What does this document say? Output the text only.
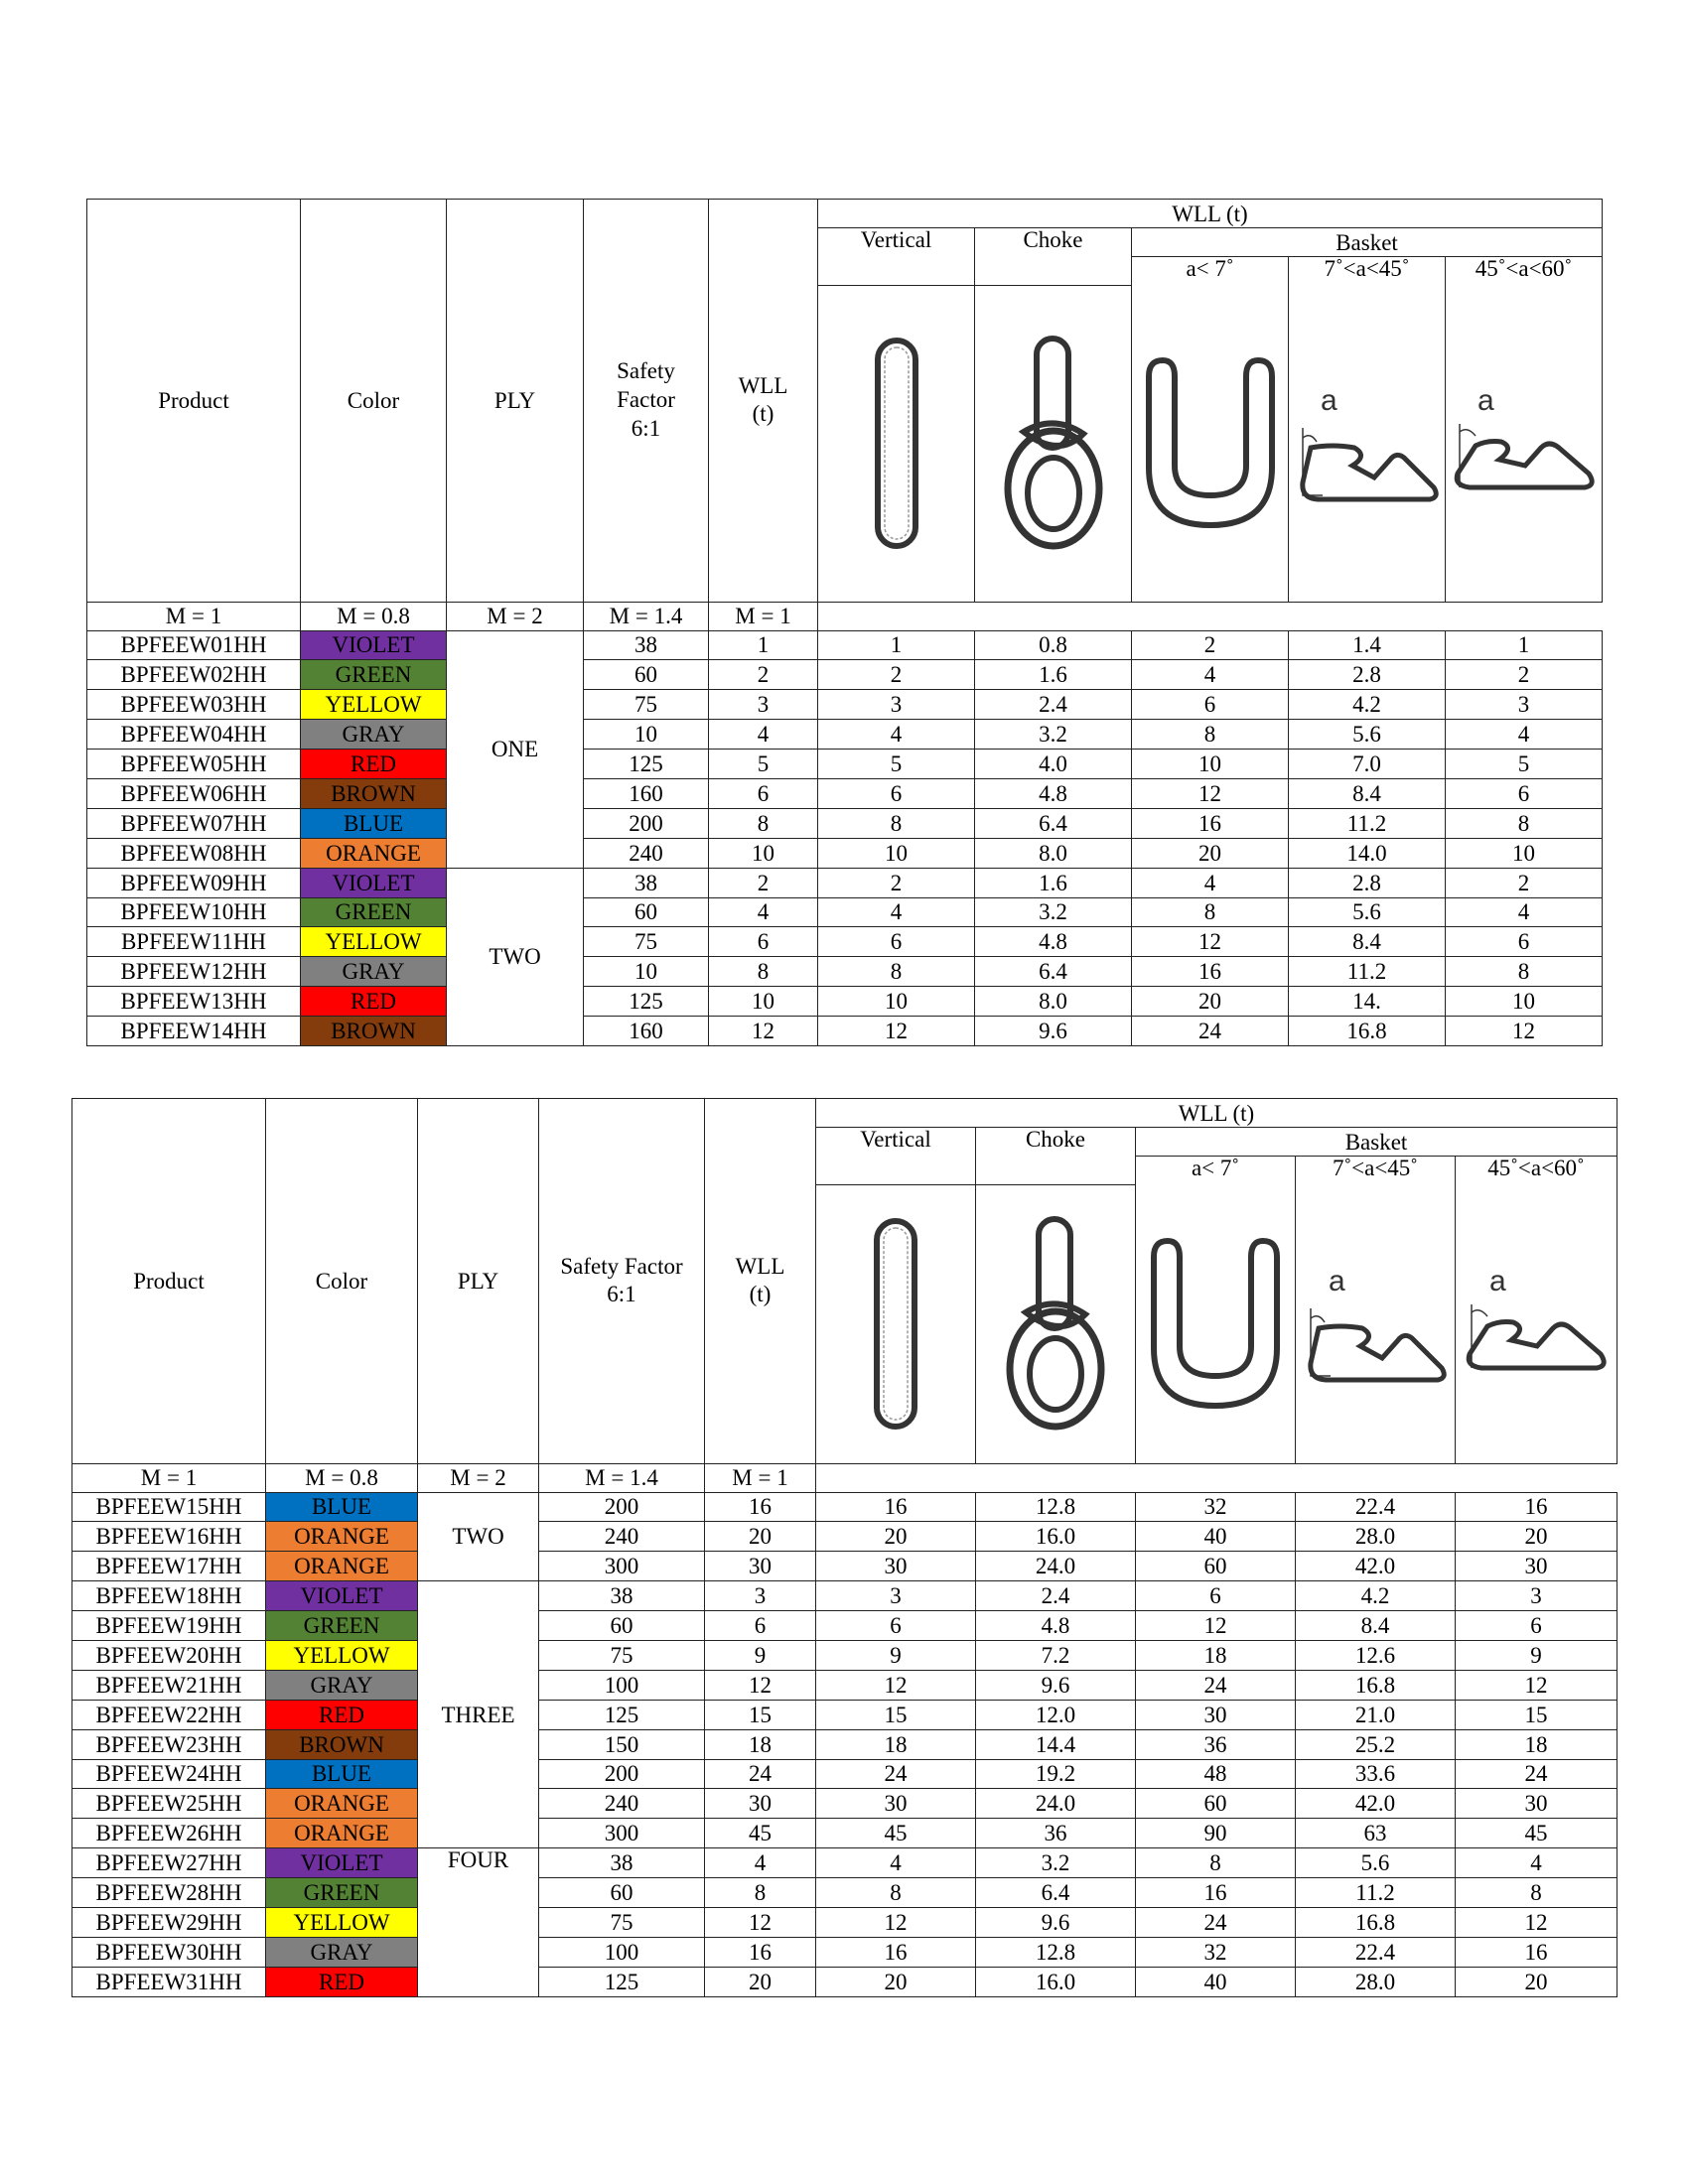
Product	Color	PLY	Safety Factor 6:1	WLL (t)	WLL (t)				
					Vertical	Choke	Basket		
							a< 7˚	7˚<a<45˚	45˚<a<60˚

a	a

M = 1	M = 0.8	M = 2	M = 1.4	M = 1					
BPFEEW01HH	VIOLET	ONE	38	1	1	0.8	2	1.4	1
BPFEEW02HH	GREEN		60	2	2	1.6	4	2.8	2
BPFEEW03HH	YELLOW		75	3	3	2.4	6	4.2	3
BPFEEW04HH	GRAY		10	4	4	3.2	8	5.6	4
BPFEEW05HH	RED		125	5	5	4.0	10	7.0	5
BPFEEW06HH	BROWN		160	6	6	4.8	12	8.4	6
BPFEEW07HH	BLUE		200	8	8	6.4	16	11.2	8
BPFEEW08HH	ORANGE		240	10	10	8.0	20	14.0	10
BPFEEW09HH	VIOLET	TWO	38	2	2	1.6	4	2.8	2
BPFEEW10HH	GREEN		60	4	4	3.2	8	5.6	4
BPFEEW11HH	YELLOW		75	6	6	4.8	12	8.4	6
BPFEEW12HH	GRAY		10	8	8	6.4	16	11.2	8
BPFEEW13HH	RED		125	10	10	8.0	20	14.	10
BPFEEW14HH	BROWN		160	12	12	9.6	24	16.8	12
Product	Color	PLY	Safety Factor 6:1	WLL (t)	WLL (t)				
					Vertical	Choke	Basket		
							a< 7˚	7˚<a<45˚	45˚<a<60˚

a	a

M = 1	M = 0.8	M = 2	M = 1.4	M = 1					
BPFEEW15HH	BLUE	TWO	200	16	16	12.8	32	22.4	16
BPFEEW16HH	ORANGE		240	20	20	16.0	40	28.0	20
BPFEEW17HH	ORANGE		300	30	30	24.0	60	42.0	30
BPFEEW18HH	VIOLET	THREE	38	3	3	2.4	6	4.2	3
BPFEEW19HH	GREEN		60	6	6	4.8	12	8.4	6
BPFEEW20HH	YELLOW		75	9	9	7.2	18	12.6	9
BPFEEW21HH	GRAY		100	12	12	9.6	24	16.8	12
BPFEEW22HH	RED		125	15	15	12.0	30	21.0	15
BPFEEW23HH	BROWN		150	18	18	14.4	36	25.2	18
BPFEEW24HH	BLUE		200	24	24	19.2	48	33.6	24
BPFEEW25HH	ORANGE		240	30	30	24.0	60	42.0	30
BPFEEW26HH	ORANGE		300	45	45	36	90	63	45
BPFEEW27HH	VIOLET	FOUR	38	4	4	3.2	8	5.6	4
BPFEEW28HH	GREEN		60	8	8	6.4	16	11.2	8
BPFEEW29HH	YELLOW		75	12	12	9.6	24	16.8	12
BPFEEW30HH	GRAY		100	16	16	12.8	32	22.4	16
BPFEEW31HH	RED		125	20	20	16.0	40	28.0	20
